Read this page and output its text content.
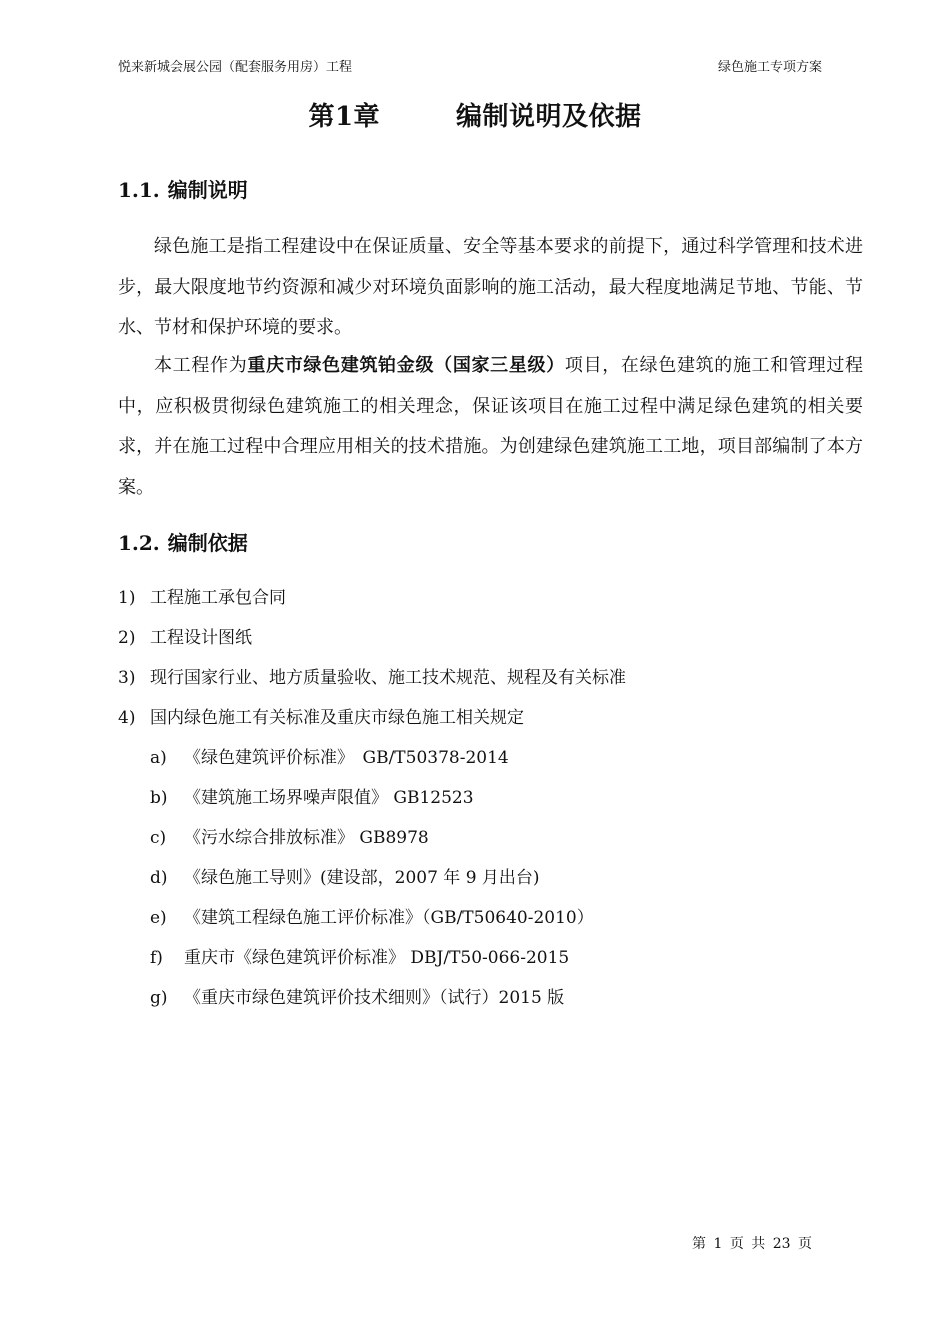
悦来新城会展公园（配套服务用房）工程	绿色施工专项方案
第1章	编制说明及依据
1.1. 编制说明

绿色施工是指工程建设中在保证质量、安全等基本要求的前提下，通过科学管理和技术进步，最大限度地节约资源和减少对环境负面影响的施工活动，最大程度地满足节地、节能、节水、节材和保护环境的要求。

本工程作为重庆市绿色建筑铂金级（国家三星级）项目，在绿色建筑的施工和管理过程中，应积极贯彻绿色建筑施工的相关理念，保证该项目在施工过程中满足绿色建筑的相关要求，并在施工过程中合理应用相关的技术措施。为创建绿色建筑施工工地，项目部编制了本方案。

1.2. 编制依据
1) 工程施工承包合同
2) 工程设计图纸
3) 现行国家行业、地方质量验收、施工技术规范、规程及有关标准
4) 国内绿色施工有关标准及重庆市绿色施工相关规定
a) 《绿色建筑评价标准》　GB/T50378-2014
b) 《建筑施工场界噪声限值》 GB12523
c) 《污水综合排放标准》 GB8978
d) 《绿色施工导则》(建设部，2007 年 9 月出台)
e) 《建筑工程绿色施工评价标准》（GB/T50640-2010）
f) 重庆市《绿色建筑评价标准》 DBJ/T50-066-2015
g) 《重庆市绿色建筑评价技术细则》（试行）2015 版
第 1 页 共 23 页
